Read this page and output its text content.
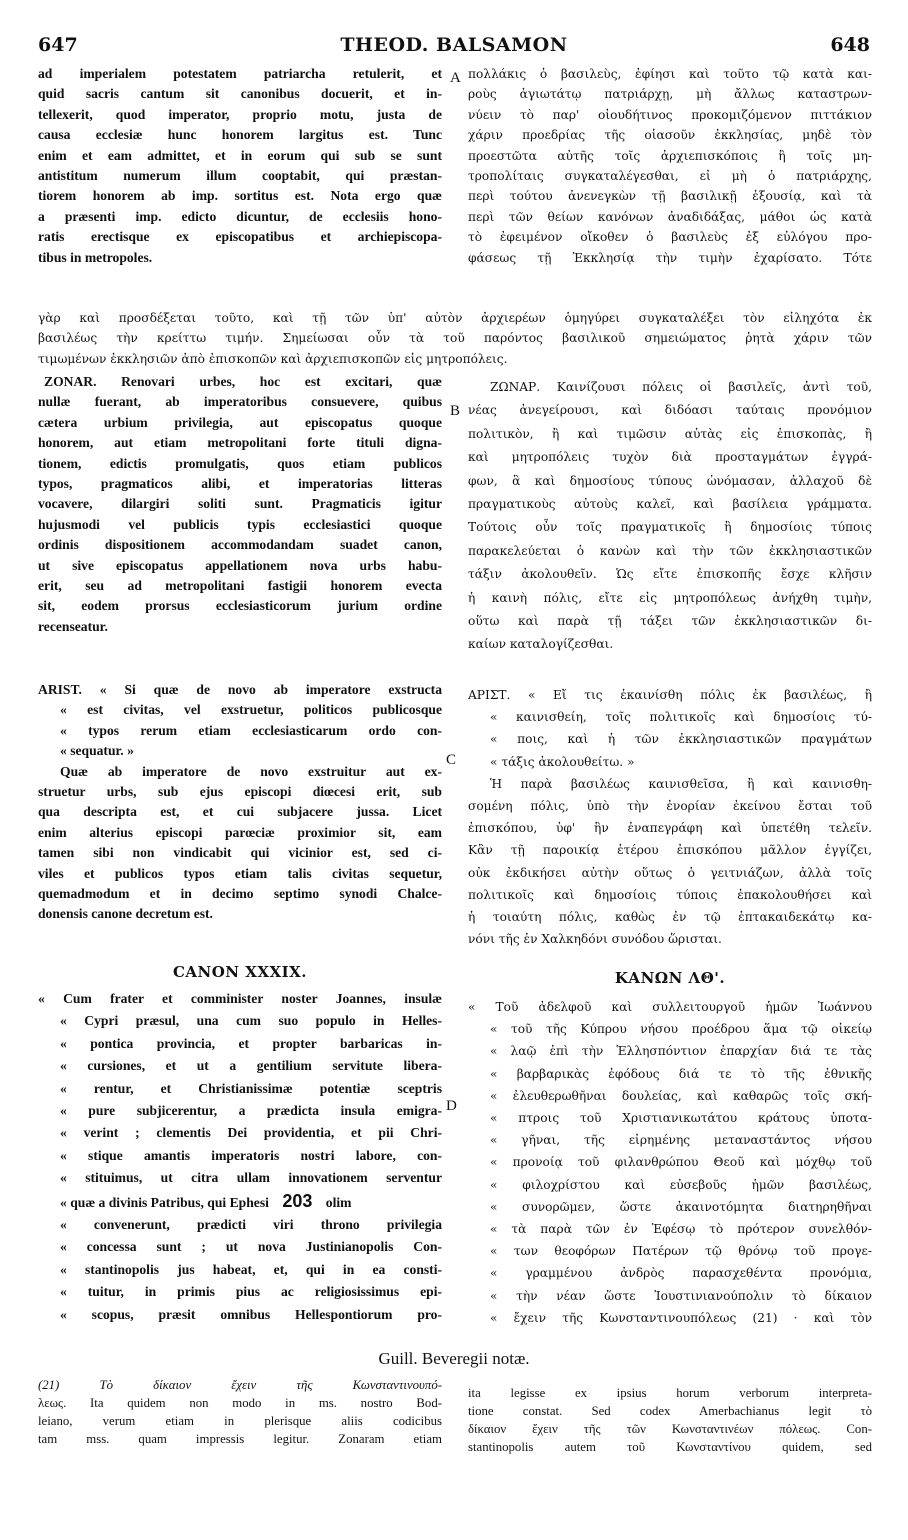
647	THEOD. BALSAMON	648
A
B
C
D
ad imperialem potestatem patriarcha retulerit, et
quid sacris cantum sit canonibus docuerit, et in-
tellexerit, quod imperator, proprio motu, justa de
causa ecclesiæ hunc honorem largitus est. Tunc
enim et eam admittet, et in eorum qui sub se sunt
antistitum numerum illum cooptabit, qui præstan-
tiorem honorem ab imp. sortitus est. Nota ergo quæ
a præsenti imp. edicto dicuntur, de ecclesiis hono-
ratis erectisque ex episcopatibus et archiepiscopa-
tibus in metropoles.
πολλάκις ὁ βασιλεὺς, ἐφίησι καὶ τοῦτο τῷ κατὰ και-
ροὺς ἁγιωτάτῳ πατριάρχῃ, μὴ ἄλλως καταστρων-
νύειν τὸ παρ' οἱουδήτινος προκομιζόμενον πιττάκιον
χάριν προεδρίας τῆς οἱασοῦν ἐκκλησίας, μηδὲ τὸν
προεστῶτα αὐτῆς τοῖς ἀρχιεπισκόποις ἢ τοῖς μη-
τροπολίταις συγκαταλέγεσθαι, εἰ μὴ ὁ πατριάρχης,
περὶ τούτου ἀνενεγκὼν τῇ βασιλικῇ ἐξουσίᾳ, καὶ τὰ
περὶ τῶν θείων κανόνων ἀναδιδάξας, μάθοι ὡς κατὰ
τὸ ἐφειμένον οἴκοθεν ὁ βασιλεὺς ἐξ εὐλόγου προ-
φάσεως τῇ Ἐκκλησίᾳ τὴν τιμὴν ἐχαρίσατο. Τότε
γὰρ καὶ προσδέξεται τοῦτο, καὶ τῇ τῶν ὑπ' αὐτὸν ἀρχιερέων ὁμηγύρει συγκαταλέξει τὸν εἰληχότα ἐκ
βασιλέως τὴν κρείττω τιμήν. Σημείωσαι οὖν τὰ τοῦ παρόντος βασιλικοῦ σημειώματος ῥητὰ χάριν τῶν
τιμωμένων ἐκκλησιῶν ἀπὸ ἐπισκοπῶν καὶ ἀρχιεπισκοπῶν εἰς μητροπόλεις.
ZONAR. Renovari urbes, hoc est excitari, quæ
nullæ fuerant, ab imperatoribus consuevere, quibus
cætera urbium privilegia, aut episcopatus quoque
honorem, aut etiam metropolitani forte tituli digna-
tionem, edictis promulgatis, quos etiam publicos
typos, pragmaticos alibi, et imperatorias litteras
vocavere, dilargiri soliti sunt. Pragmaticis igitur
hujusmodi vel publicis typis ecclesiastici quoque
ordinis dispositionem accommodandam suadet canon,
ut sive episcopatus appellationem nova urbs habu-
erit, seu ad metropolitani fastigii honorem evecta
sit, eodem prorsus ecclesiasticorum jurium ordine
recenseatur.
ΖΩΝΑΡ. Καινίζουσι πόλεις οἱ βασιλεῖς, ἀντὶ τοῦ,
νέας ἀνεγείρουσι, καὶ διδόασι ταύταις προνόμιον
πολιτικὸν, ἢ καὶ τιμῶσιν αὐτὰς εἰς ἐπισκοπὰς, ἢ
καὶ μητροπόλεις τυχὸν διὰ προσταγμάτων ἐγγρά-
φων, ἃ καὶ δημοσίους τύπους ὠνόμασαν, ἀλλαχοῦ δὲ
πραγματικοὺς αὐτοὺς καλεῖ, καὶ βασίλεια γράμματα.
Τούτοις οὖν τοῖς πραγματικοῖς ἢ δημοσίοις τύποις
παρακελεύεται ὁ κανὼν καὶ τὴν τῶν ἐκκλησιαστικῶν
τάξιν ἀκολουθεῖν. Ὡς εἴτε ἐπισκοπῆς ἔσχε κλῆσιν
ἡ καινὴ πόλις, εἴτε εἰς μητροπόλεως ἀνήχθη τιμὴν,
οὕτω καὶ παρὰ τῇ τάξει τῶν ἐκκλησιαστικῶν δι-
καίων καταλογίζεσθαι.
ARIST. « Si quæ de novo ab imperatore exstructa
« est civitas, vel exstruetur, politicos publicosque
« typos rerum etiam ecclesiasticarum ordo con-
« sequatur. »
Quæ ab imperatore de novo exstruitur aut ex-
struetur urbs, sub ejus episcopi diœcesi erit, sub
qua descripta est, et cui subjacere jussa. Licet
enim alterius episcopi parœciæ proximior sit, eam
tamen sibi non vindicabit qui vicinior est, sed ci-
viles et publicos typos etiam talis civitas sequetur,
quemadmodum et in decimo septimo synodi Chalce-
donensis canone decretum est.
ΑΡΙΣΤ. « Εἴ τις ἐκαινίσθη πόλις ἐκ βασιλέως, ἢ
« καινισθείη, τοῖς πολιτικοῖς καὶ δημοσίοις τύ-
« ποις, καὶ ἡ τῶν ἐκκλησιαστικῶν πραγμάτων
« τάξις ἀκολουθείτω. »
Ἡ παρὰ βασιλέως καινισθεῖσα, ἢ καὶ καινισθη-
σομένη πόλις, ὑπὸ τὴν ἐνορίαν ἐκείνου ἔσται τοῦ
ἐπισκόπου, ὑφ' ἣν ἐναπεγράφη καὶ ὑπετέθη τελεῖν.
Κἂν τῇ παροικίᾳ ἑτέρου ἐπισκόπου μᾶλλον ἐγγίζει,
οὐκ ἐκδικήσει αὐτὴν οὕτως ὁ γειτνιάζων, ἀλλὰ τοῖς
πολιτικοῖς καὶ δημοσίοις τύποις ἐπακολουθήσει καὶ
ἡ τοιαύτη πόλις, καθὼς ἐν τῷ ἑπτακαιδεκάτῳ κα-
νόνι τῆς ἐν Χαλκηδόνι συνόδου ὥρισται.
CANON XXXIX.	ΚΑΝΩΝ ΛΘ'.
« Cum frater et comminister noster Joannes, insulæ
« Cypri præsul, una cum suo populo in Helles-
« pontica provincia, et propter barbaricas in-
« cursiones, et ut a gentilium servitute libera-
« rentur, et Christianissimæ potentiæ sceptris
« pure subjicerentur, a prædicta insula emigra-
« verint ; clementis Dei providentia, et pii Chri-
« stique amantis imperatoris nostri labore, con-
« stituimus, ut citra ullam innovationem serventur
« quæ a divinis Patribus, qui Ephesi 203 olim
« convenerunt, prædicti viri throno privilegia
« concessa sunt ; ut nova Justinianopolis Con-
« stantinopolis jus habeat, et, qui in ea consti-
« tuitur, in primis pius ac religiosissimus epi-
« scopus, præsit omnibus Hellespontiorum pro-
« Τοῦ ἀδελφοῦ καὶ συλλειτουργοῦ ἡμῶν Ἰωάννου
« τοῦ τῆς Κύπρου νήσου προέδρου ἅμα τῷ οἰκείῳ
« λαῷ ἐπὶ τὴν Ἑλλησπόντιον ἐπαρχίαν διά τε τὰς
« βαρβαρικὰς ἐφόδους διά τε τὸ τῆς ἐθνικῆς
« ἐλευθερωθῆναι δουλείας, καὶ καθαρῶς τοῖς σκή-
« πτροις τοῦ Χριστιανικωτάτου κράτους ὑποτα-
« γῆναι, τῆς εἰρημένης μεταναστάντος νήσου
« προνοίᾳ τοῦ φιλανθρώπου Θεοῦ καὶ μόχθῳ τοῦ
« φιλοχρίστου καὶ εὐσεβοῦς ἡμῶν βασιλέως,
« συνορῶμεν, ὥστε ἀκαινοτόμητα διατηρηθῆναι
« τὰ παρὰ τῶν ἐν Ἐφέσῳ τὸ πρότερον συνελθόν-
« των θεοφόρων Πατέρων τῷ θρόνῳ τοῦ προγε-
« γραμμένου ἀνδρὸς παρασχεθέντα προνόμια,
« τὴν νέαν ὥστε Ἰουστινιανούπολιν τὸ δίκαιον
« ἔχειν τῆς Κωνσταντινουπόλεως (21) · καὶ τὸν
Guill. Beveregii notæ.
(21) Τὸ δίκαιον ἔχειν τῆς Κωνσταντινουπό-
λεως. Ita quidem non modo in ms. nostro Bod-
leiano, verum etiam in plerisque aliis codicibus
tam mss. quam impressis legitur. Zonaram etiam
ita legisse ex ipsius horum verborum interpreta-
tione constat. Sed codex Amerbachianus legit τὸ
δίκαιον ἔχειν τῆς τῶν Κωνσταντινέων πόλεως. Con-
stantinopolis autem τοῦ Κωνσταντίνου quidem, sed
